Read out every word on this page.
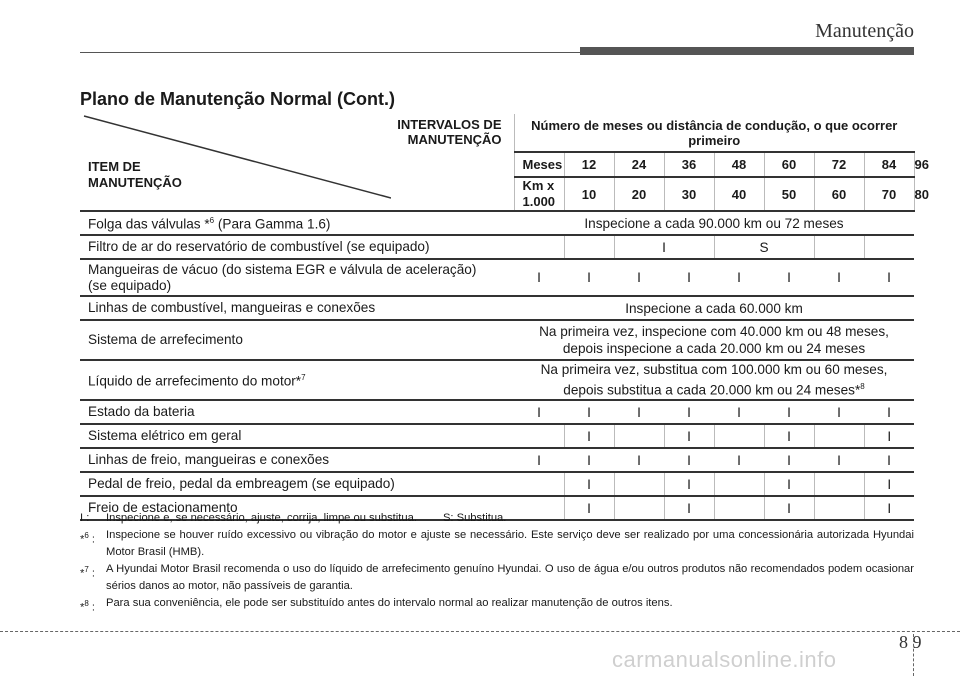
Manutenção
Plano de Manutenção Normal (Cont.)
INTERVALOS DE
MANUTENÇÃO
ITEM DE
MANUTENÇÃO	Número de meses ou distância de condução, o que ocorrer primeiro								
	Meses	12	24	36	48	60	72	84	96
	Km x 1.000	10	20	30	40	50	60	70	80
Folga das válvulas *$^6$ (Para Gamma 1.6)	Inspecione a cada 90.000 km ou 72 meses								
Filtro de ar do reservatório de combustível (se equipado)			I		S				

Mangueiras de vácuo (do sistema EGR e válvula de aceleração)
(se equipado)	I	I	I	I	I	I	I	I	
Linhas de combustível, mangueiras e conexões	Inspecione a cada 60.000 km								
Sistema de arrefecimento	Na primeira vez, inspecione com 40.000 km ou 48 meses,
depois inspecione a cada 20.000 km ou 24 meses								

Líquido de arrefecimento do motor*$^7$	Na primeira vez, substitua com 100.000 km ou 60 meses,
depois substitua a cada 20.000 km ou 24 meses*$^8$

Estado da bateria	I	I	I	I	I	I	I	I	
Sistema elétrico em geral		I		I		I		I	
Linhas de freio, mangueiras e conexões	I	I	I	I	I	I	I	I	
Pedal de freio, pedal da embreagem (se equipado)		I		I		I		I	
Freio de estacionamento		I		I		I		I	
I :	Inspecione e, se necessário, ajuste, corrija, limpe ou substitua. S: Substitua.
*$^6$ : Inspecione se houver ruído excessivo ou vibração do motor e ajuste se necessário. Este serviço deve ser realizado por uma concessionária autorizada Hyundai Motor Brasil (HMB).
*$^7$ : A Hyundai Motor Brasil recomenda o uso do líquido de arrefecimento genuíno Hyundai. O uso de água e/ou outros produtos não recomendados podem ocasionar sérios danos ao motor, não passíveis de garantia.
*$^8$ : Para sua conveniência, ele pode ser substituído antes do intervalo normal ao realizar manutenção de outros itens.
8 9
carmanualsonline.info
